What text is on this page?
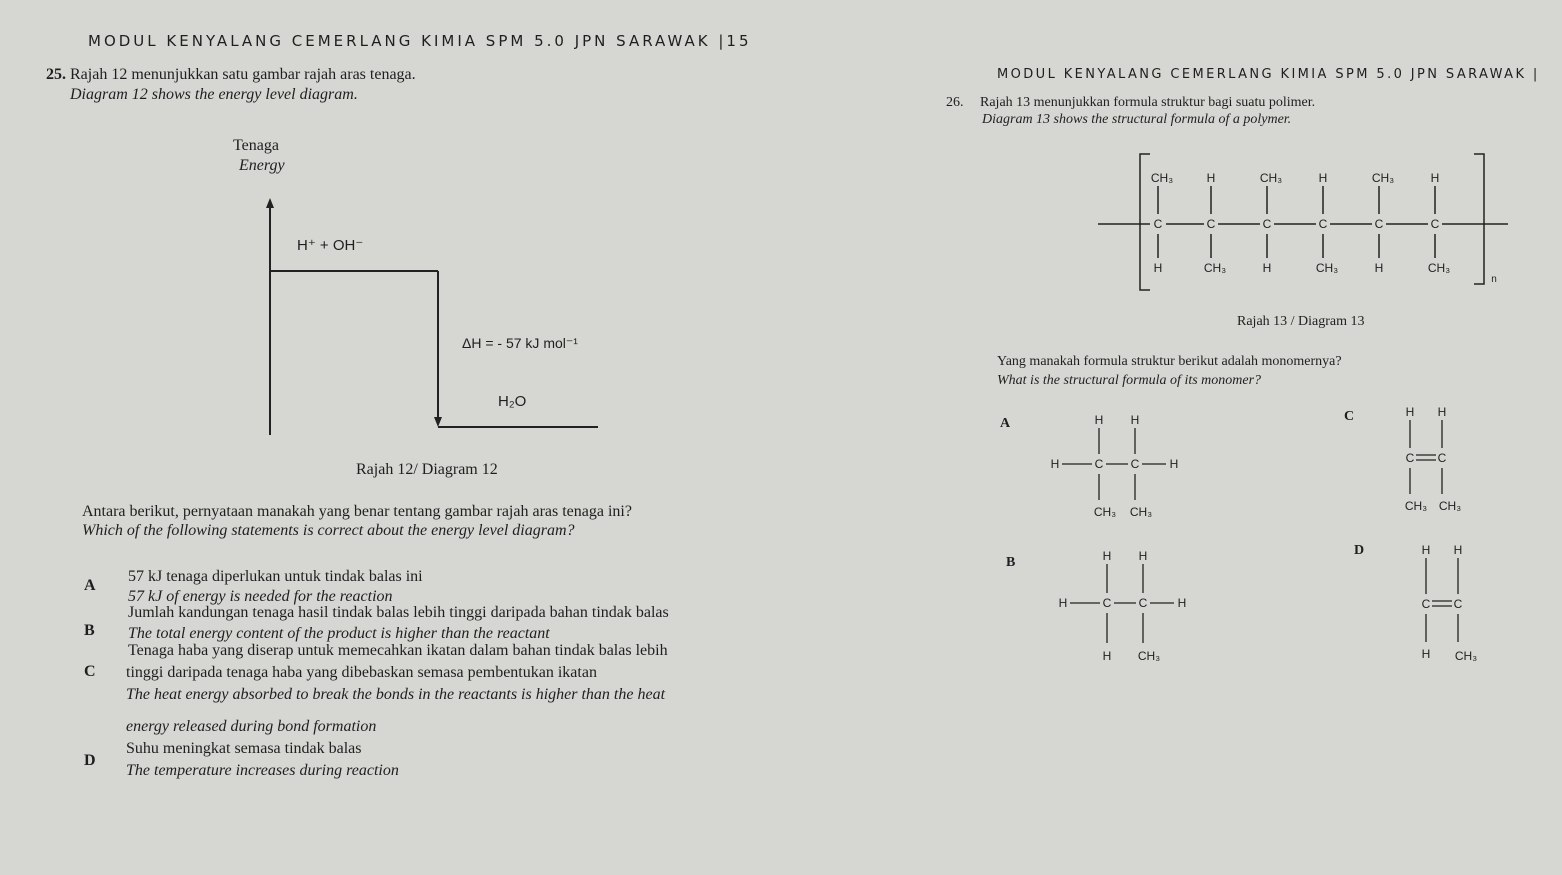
MODUL KENYALANG CEMERLANG KIMIA SPM 5.0 JPN SARAWAK |15
25. Rajah 12 menunjukkan satu gambar rajah aras tenaga.
Diagram 12 shows the energy level diagram.
Tenaga
Energy
H⁺ + OH⁻
ΔH = - 57 kJ mol⁻¹
H₂O
Rajah 12/ Diagram 12
Antara berikut, pernyataan manakah yang benar tentang gambar rajah aras tenaga ini?
Which of the following statements is correct about the energy level diagram?
A
57 kJ tenaga diperlukan untuk tindak balas ini
57 kJ of energy is needed for the reaction
B
Jumlah kandungan tenaga hasil tindak balas lebih tinggi daripada bahan tindak balas
The total energy content of the product is higher than the reactant
C
Tenaga haba yang diserap untuk memecahkan ikatan dalam bahan tindak balas lebih
tinggi daripada tenaga haba yang dibebaskan semasa pembentukan ikatan
The heat energy absorbed to break the bonds in the reactants is higher than the heat
energy released during bond formation
D
Suhu meningkat semasa tindak balas
The temperature increases during reaction
MODUL KENYALANG CEMERLANG KIMIA SPM 5.0 JPN SARAWAK |
26. Rajah 13 menunjukkan formula struktur bagi suatu polimer.
Diagram 13 shows the structural formula of a polymer.
CH₃	H	CH₃	H	CH₃	H
C	C	C	C	C	C
H	CH₃	H	CH₃	H	CH₃
n
Rajah 13 / Diagram 13
Yang manakah formula struktur berikut adalah monomernya?
What is the structural formula of its monomer?
A	H H
H	C C	H
CH₃ CH₃
C	H H
C C
CH₃ CH₃
B	H H
H	C C	H
H CH₃
D	H H
C C
H CH₃
